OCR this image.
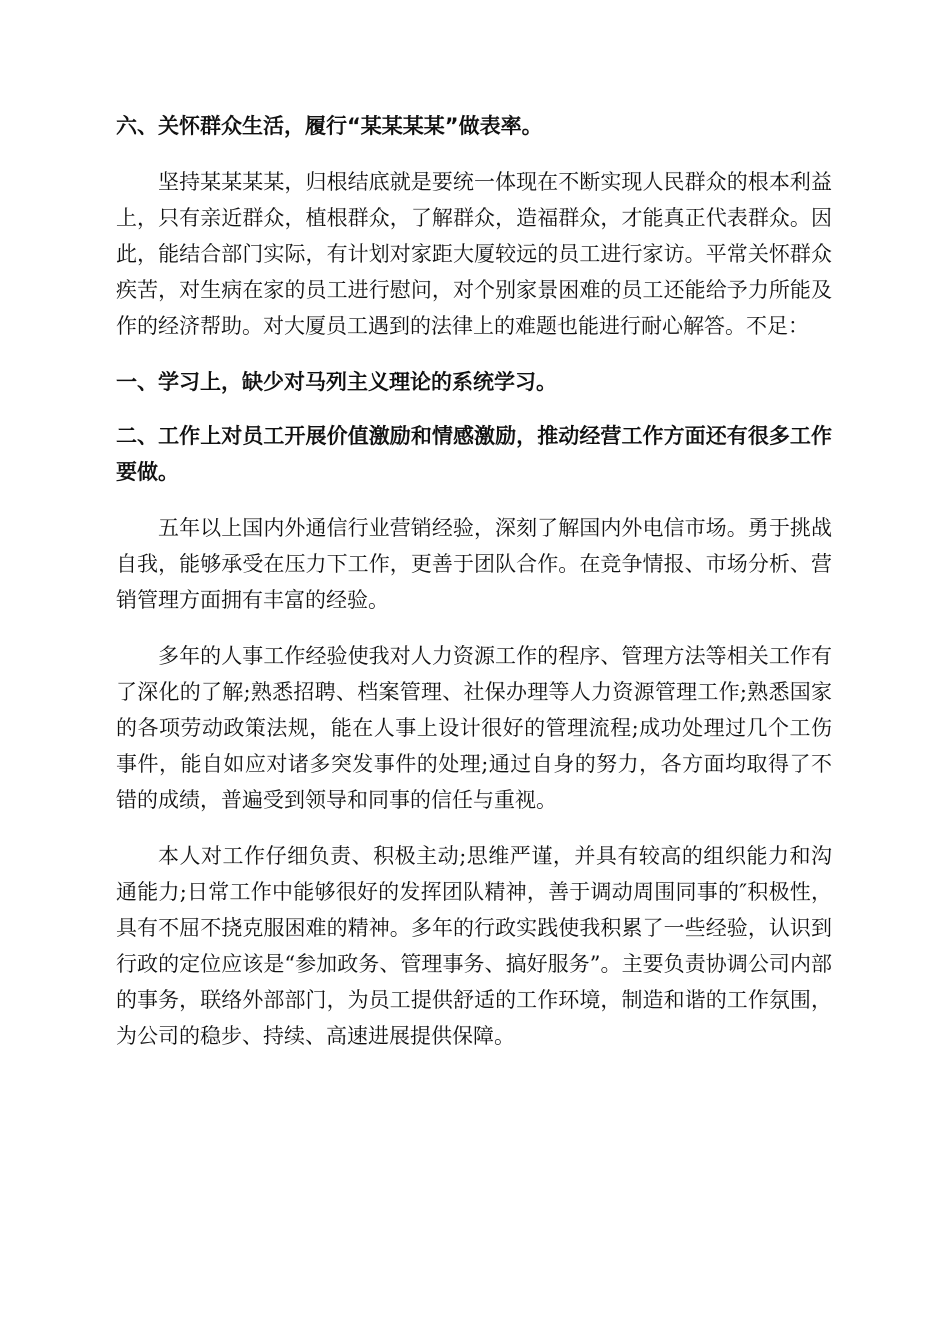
六、关怀群众生活，履行“某某某某”做表率。

坚持某某某某，归根结底就是要统一体现在不断实现人民群众的根本利益上，只有亲近群众，植根群众，了解群众，造福群众，才能真正代表群众。因此，能结合部门实际，有计划对家距大厦较远的员工进行家访。平常关怀群众疾苦，对生病在家的员工进行慰问，对个别家景困难的员工还能给予力所能及作的经济帮助。对大厦员工遇到的法律上的难题也能进行耐心解答。不足：

一、学习上，缺少对马列主义理论的系统学习。

二、工作上对员工开展价值激励和情感激励，推动经营工作方面还有很多工作要做。

五年以上国内外通信行业营销经验，深刻了解国内外电信市场。勇于挑战自我，能够承受在压力下工作，更善于团队合作。在竞争情报、市场分析、营销管理方面拥有丰富的经验。

多年的人事工作经验使我对人力资源工作的程序、管理方法等相关工作有了深化的了解;熟悉招聘、档案管理、社保办理等人力资源管理工作;熟悉国家的各项劳动政策法规，能在人事上设计很好的管理流程;成功处理过几个工伤事件，能自如应对诸多突发事件的处理;通过自身的努力，各方面均取得了不错的成绩，普遍受到领导和同事的信任与重视。

本人对工作仔细负责、积极主动;思维严谨，并具有较高的组织能力和沟通能力;日常工作中能够很好的发挥团队精神，善于调动周围同事的″积极性，具有不屈不挠克服困难的精神。多年的行政实践使我积累了一些经验，认识到行政的定位应该是“参加政务、管理事务、搞好服务”。主要负责协调公司内部的事务，联络外部部门，为员工提供舒适的工作环境，制造和谐的工作氛围，为公司的稳步、持续、高速进展提供保障。
